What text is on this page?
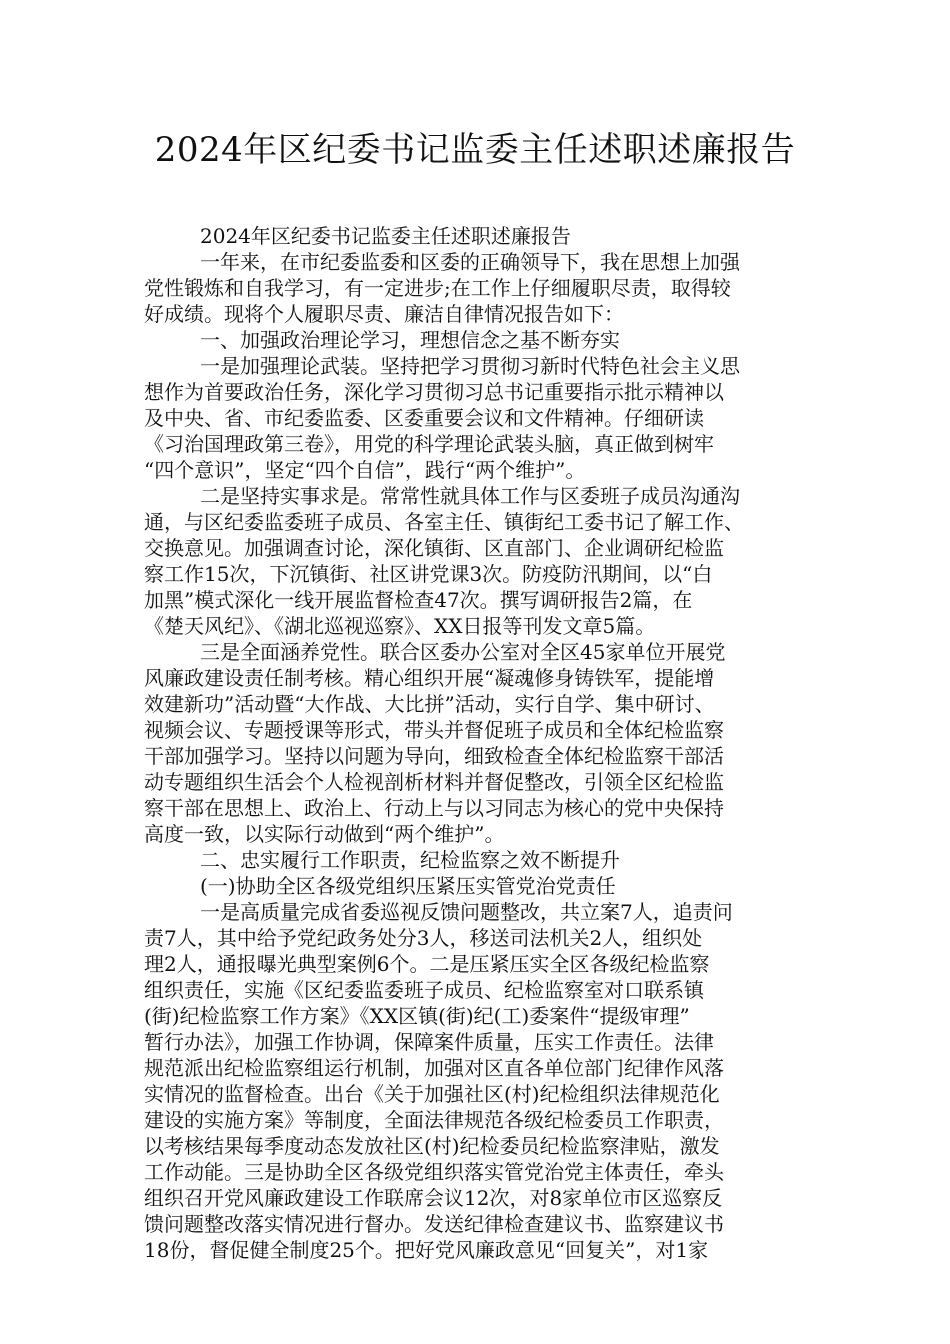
2024年区纪委书记监委主任述职述廉报告
2024年区纪委书记监委主任述职述廉报告
一年来，在市纪委监委和区委的正确领导下，我在思想上加强
党性锻炼和自我学习，有一定进步;在工作上仔细履职尽责，取得较
好成绩。现将个人履职尽责、廉洁自律情况报告如下：
一、加强政治理论学习，理想信念之基不断夯实
一是加强理论武装。坚持把学习贯彻习新时代特色社会主义思
想作为首要政治任务，深化学习贯彻习总书记重要指示批示精神以
及中央、省、市纪委监委、区委重要会议和文件精神。仔细研读
《习治国理政第三卷》，用党的科学理论武装头脑，真正做到树牢
“四个意识”，坚定“四个自信”，践行“两个维护”。
二是坚持实事求是。常常性就具体工作与区委班子成员沟通沟
通，与区纪委监委班子成员、各室主任、镇街纪工委书记了解工作、
交换意见。加强调查讨论，深化镇街、区直部门、企业调研纪检监
察工作15次，下沉镇街、社区讲党课3次。防疫防汛期间，以“白
加黑”模式深化一线开展监督检查47次。撰写调研报告2篇，在
《楚天风纪》、《湖北巡视巡察》、XX日报等刊发文章5篇。
三是全面涵养党性。联合区委办公室对全区45家单位开展党
风廉政建设责任制考核。精心组织开展“凝魂修身铸铁军，提能增
效建新功”活动暨“大作战、大比拼”活动，实行自学、集中研讨、
视频会议、专题授课等形式，带头并督促班子成员和全体纪检监察
干部加强学习。坚持以问题为导向，细致检查全体纪检监察干部活
动专题组织生活会个人检视剖析材料并督促整改，引领全区纪检监
察干部在思想上、政治上、行动上与以习同志为核心的党中央保持
高度一致，以实际行动做到“两个维护”。
二、忠实履行工作职责，纪检监察之效不断提升
(一)协助全区各级党组织压紧压实管党治党责任
一是高质量完成省委巡视反馈问题整改，共立案7人，追责问
责7人，其中给予党纪政务处分3人，移送司法机关2人，组织处
理2人，通报曝光典型案例6个。二是压紧压实全区各级纪检监察
组织责任，实施《区纪委监委班子成员、纪检监察室对口联系镇
(街)纪检监察工作方案》《XX区镇(街)纪(工)委案件“提级审理”
暂行办法》，加强工作协调，保障案件质量，压实工作责任。法律
规范派出纪检监察组运行机制，加强对区直各单位部门纪律作风落
实情况的监督检查。出台《关于加强社区(村)纪检组织法律规范化
建设的实施方案》等制度，全面法律规范各级纪检委员工作职责，
以考核结果每季度动态发放社区(村)纪检委员纪检监察津贴，激发
工作动能。三是协助全区各级党组织落实管党治党主体责任，牵头
组织召开党风廉政建设工作联席会议12次，对8家单位市区巡察反
馈问题整改落实情况进行督办。发送纪律检查建议书、监察建议书
18份，督促健全制度25个。把好党风廉政意见“回复关”，对1家
